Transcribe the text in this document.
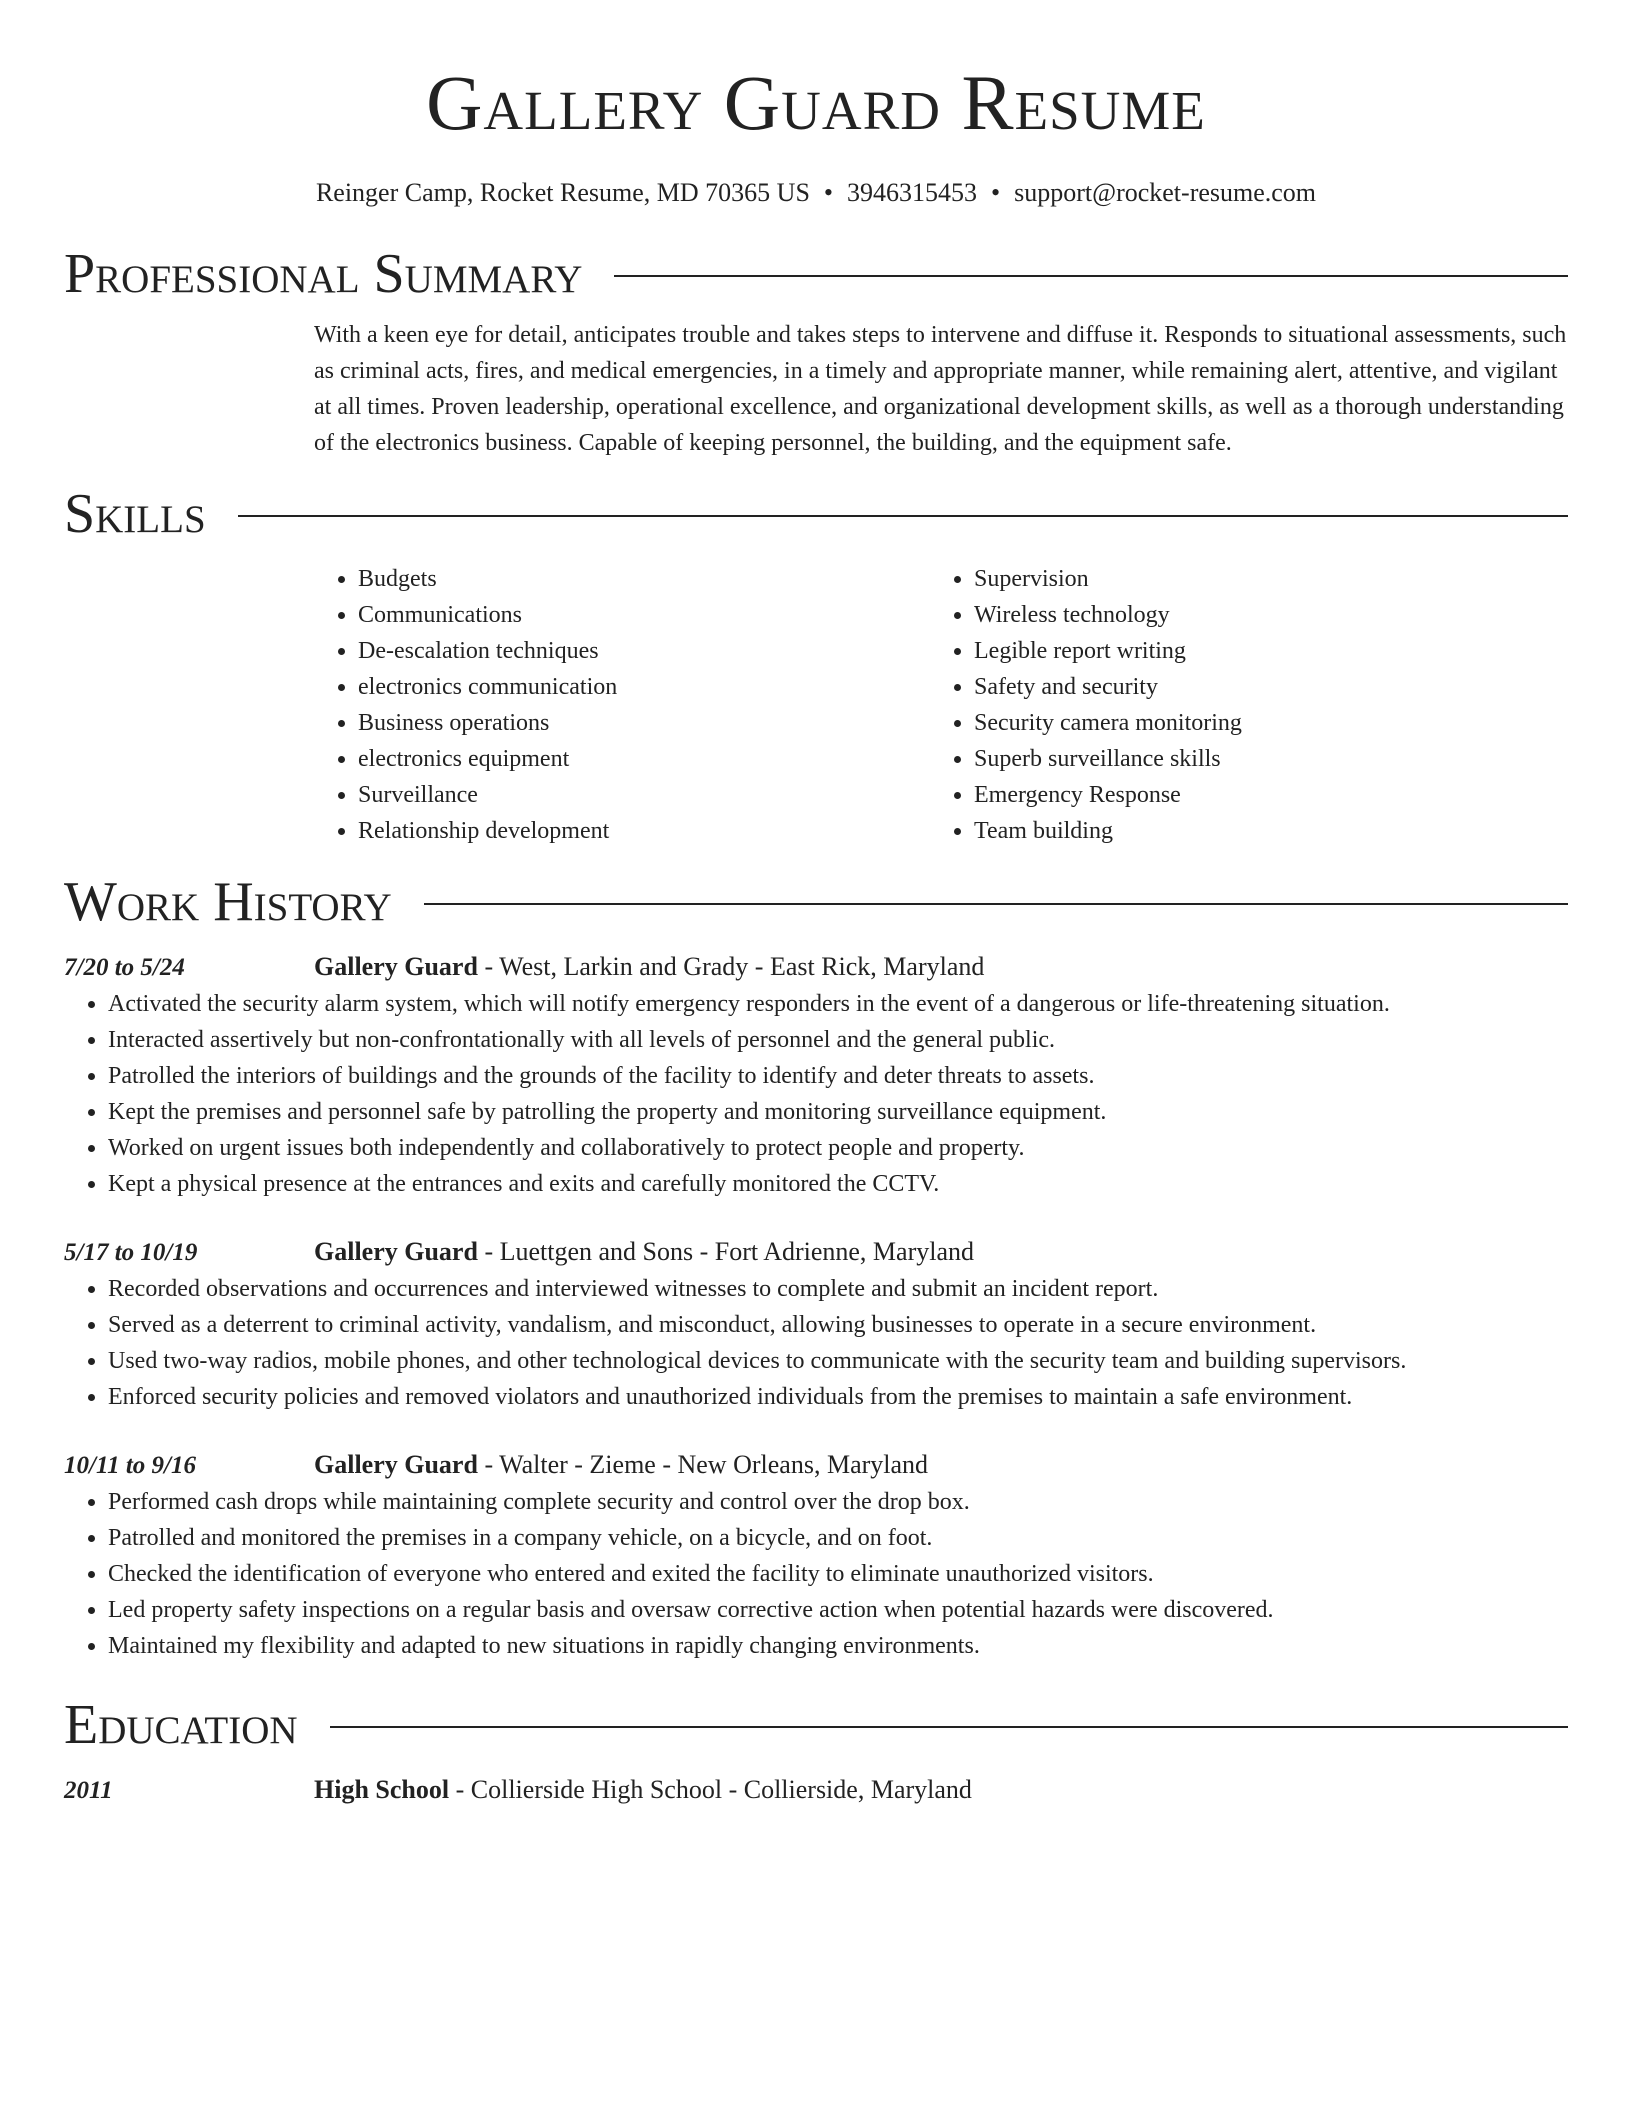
Gallery Guard Resume
Reinger Camp, Rocket Resume, MD 70365 US • 3946315453 • support@rocket-resume.com
Professional Summary

With a keen eye for detail, anticipates trouble and takes steps to intervene and diffuse it. Responds to situational assessments, such as criminal acts, fires, and medical emergencies, in a timely and appropriate manner, while remaining alert, attentive, and vigilant at all times. Proven leadership, operational excellence, and organizational development skills, as well as a thorough understanding of the electronics business. Capable of keeping personnel, the building, and the equipment safe.

Skills
• Budgets
• Communications
• De-escalation techniques
• electronics communication
• Business operations
• electronics equipment
• Surveillance
• Relationship development
• Supervision
• Wireless technology
• Legible report writing
• Safety and security
• Security camera monitoring
• Superb surveillance skills
• Emergency Response
• Team building
Work History
7/20 to 5/24	Gallery Guard - West, Larkin and Grady - East Rick, Maryland
• Activated the security alarm system, which will notify emergency responders in the event of a dangerous or life-threatening situation.
• Interacted assertively but non-confrontationally with all levels of personnel and the general public.
• Patrolled the interiors of buildings and the grounds of the facility to identify and deter threats to assets.
• Kept the premises and personnel safe by patrolling the property and monitoring surveillance equipment.
• Worked on urgent issues both independently and collaboratively to protect people and property.
• Kept a physical presence at the entrances and exits and carefully monitored the CCTV.
5/17 to 10/19	Gallery Guard - Luettgen and Sons - Fort Adrienne, Maryland
• Recorded observations and occurrences and interviewed witnesses to complete and submit an incident report.
• Served as a deterrent to criminal activity, vandalism, and misconduct, allowing businesses to operate in a secure environment.
• Used two-way radios, mobile phones, and other technological devices to communicate with the security team and building supervisors.
• Enforced security policies and removed violators and unauthorized individuals from the premises to maintain a safe environment.
10/11 to 9/16	Gallery Guard - Walter - Zieme - New Orleans, Maryland
• Performed cash drops while maintaining complete security and control over the drop box.
• Patrolled and monitored the premises in a company vehicle, on a bicycle, and on foot.
• Checked the identification of everyone who entered and exited the facility to eliminate unauthorized visitors.
• Led property safety inspections on a regular basis and oversaw corrective action when potential hazards were discovered.
• Maintained my flexibility and adapted to new situations in rapidly changing environments.
Education
2011	High School - Collierside High School - Collierside, Maryland
